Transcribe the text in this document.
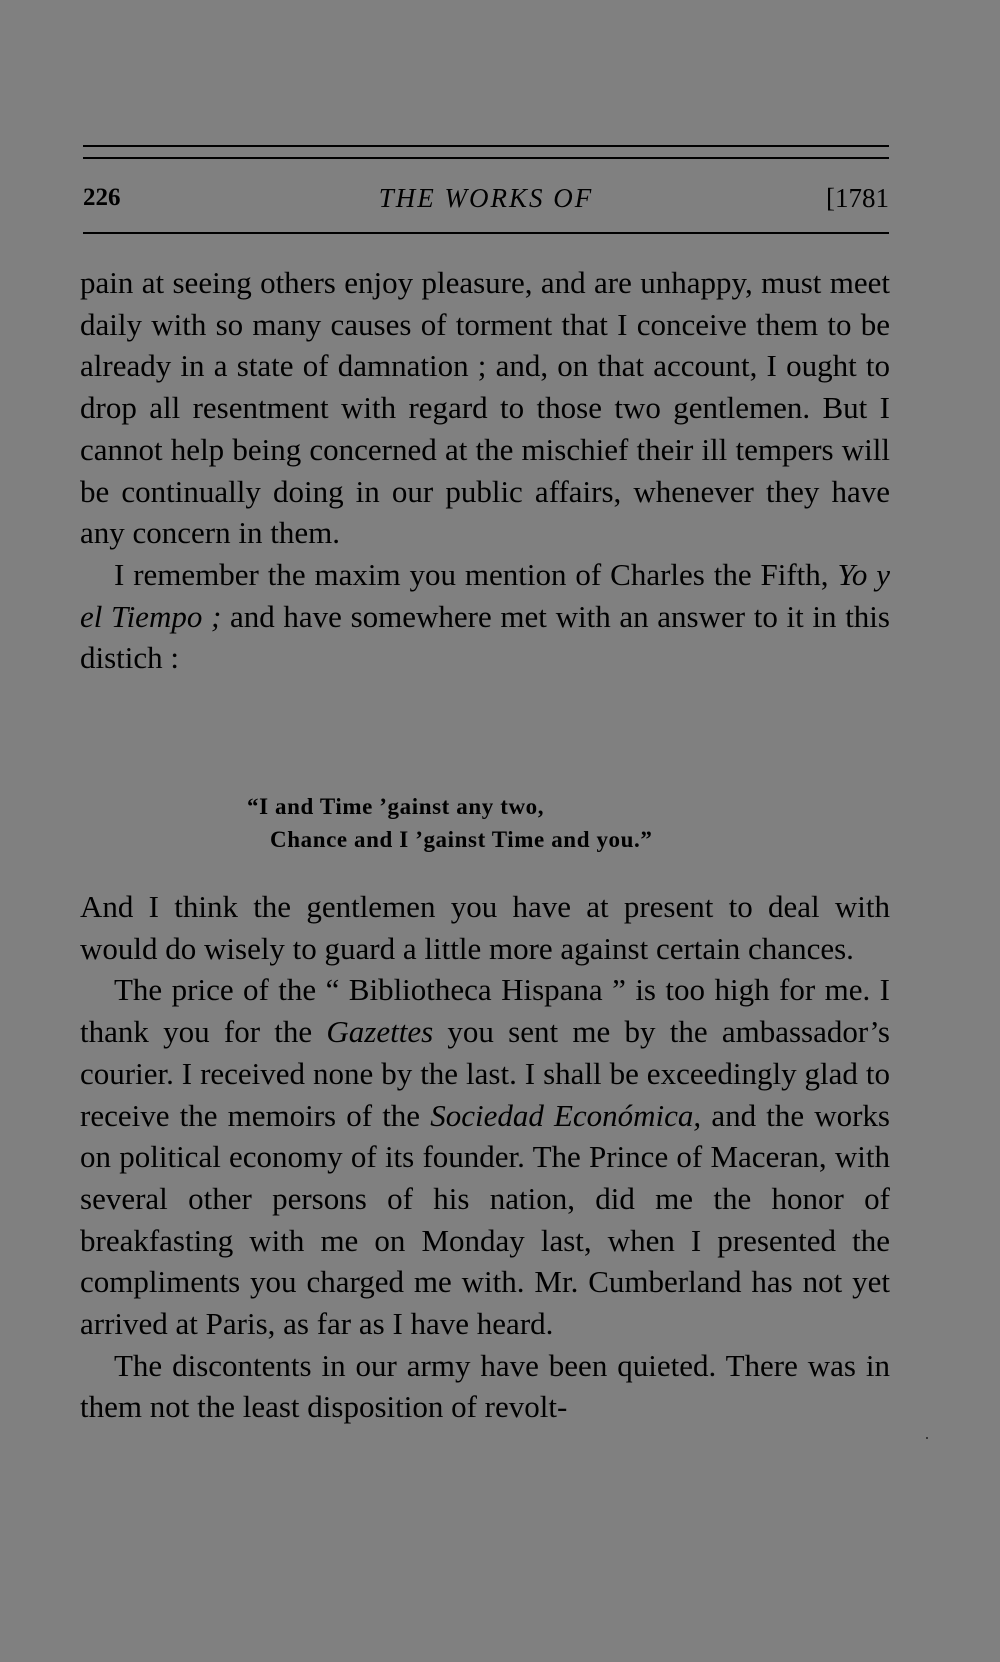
226	THE WORKS OF	[1781

pain at seeing others enjoy pleasure, and are unhappy, must meet daily with so many causes of torment that I conceive them to be already in a state of damnation ; and, on that account, I ought to drop all resentment with regard to those two gentlemen. But I cannot help being concerned at the mischief their ill tempers will be continually doing in our public affairs, whenever they have any concern in them.

I remember the maxim you mention of Charles the Fifth, Yo y el Tiempo ; and have somewhere met with an answer to it in this distich :

“I and Time ’gainst any two,
Chance and I ’gainst Time and you.”

And I think the gentlemen you have at present to deal with would do wisely to guard a little more against certain chances.

The price of the “ Bibliotheca Hispana ” is too high for me. I thank you for the Gazettes you sent me by the ambassador’s courier. I received none by the last. I shall be exceedingly glad to receive the memoirs of the Sociedad Económica, and the works on political economy of its founder. The Prince of Maceran, with several other persons of his nation, did me the honor of breakfasting with me on Monday last, when I presented the compliments you charged me with. Mr. Cumberland has not yet arrived at Paris, as far as I have heard.

The discontents in our army have been quieted. There was in them not the least disposition of revolt-
